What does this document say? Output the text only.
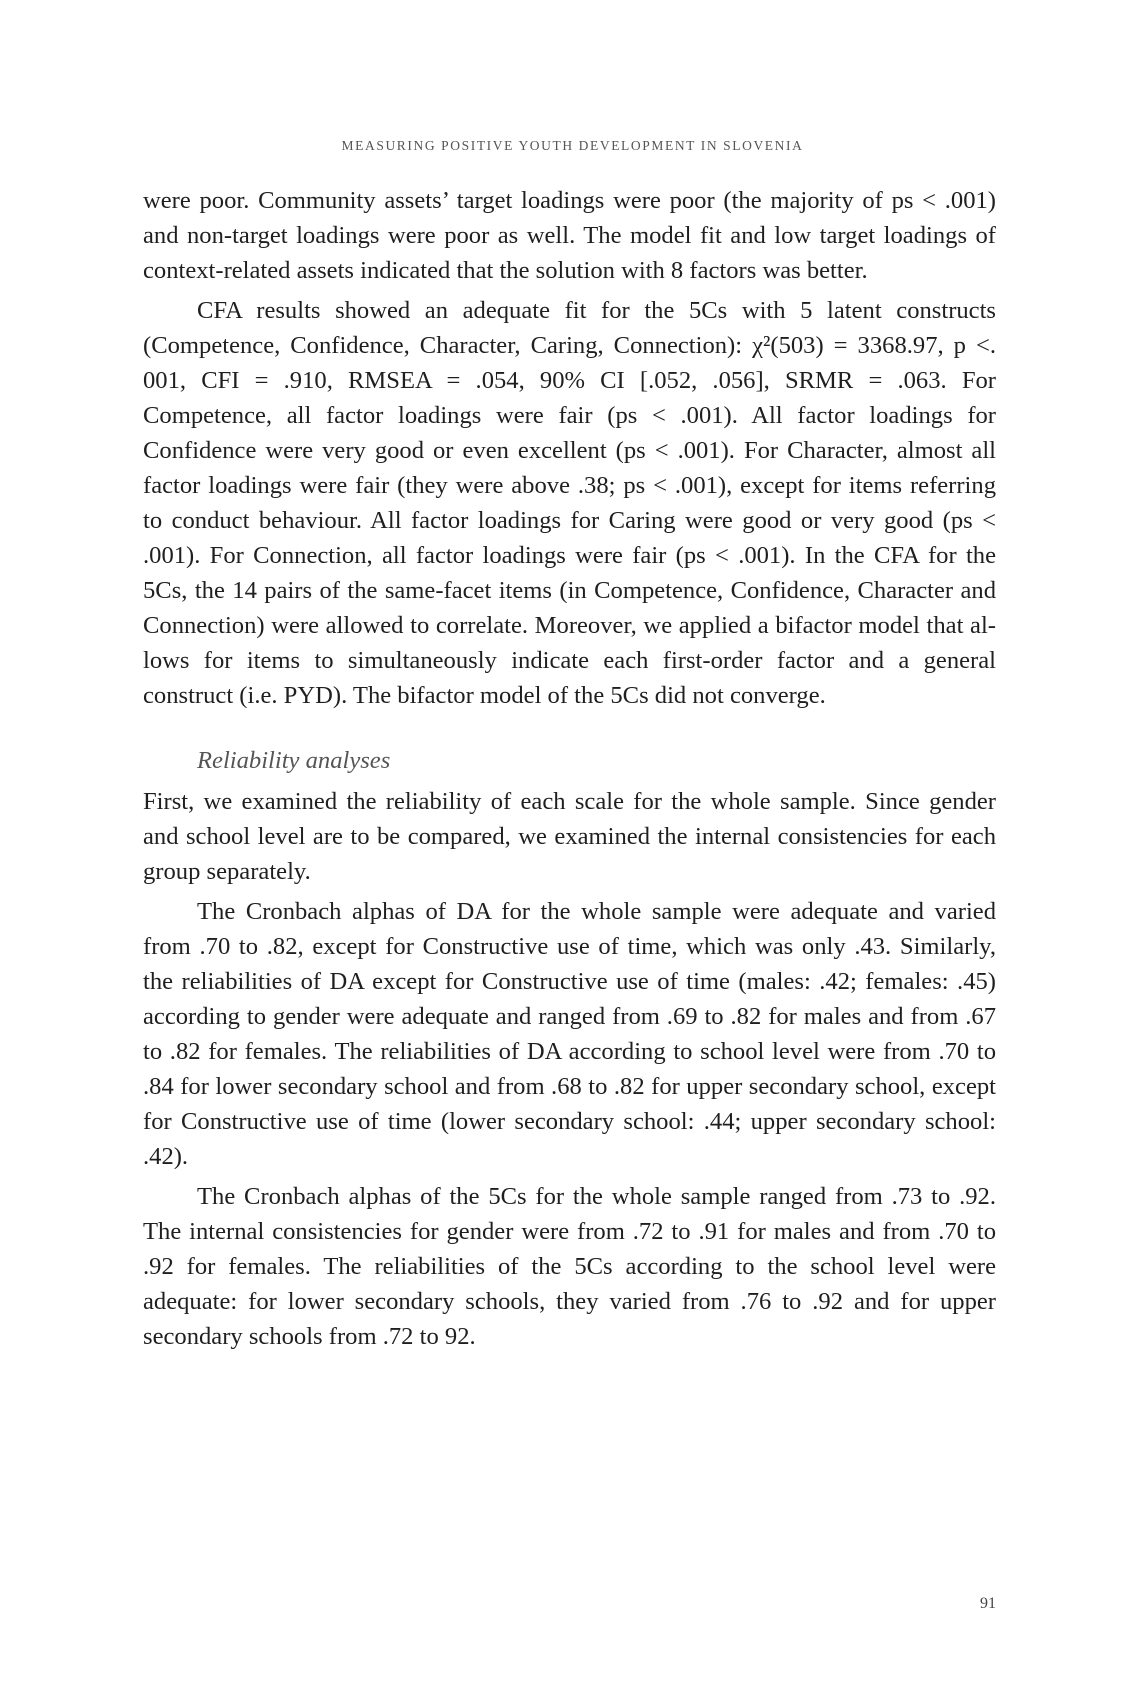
MEASURING POSITIVE YOUTH DEVELOPMENT IN SLOVENIA

were poor. Community assets’ target loadings were poor (the majority of ps < .001) and non-target loadings were poor as well. The model fit and low target loadings of context-related assets indicated that the solution with 8 factors was better.

CFA results showed an adequate fit for the 5Cs with 5 latent constructs (Competence, Confidence, Character, Caring, Connection): χ²(503) = 3368.97, p <. 001, CFI = .910, RMSEA = .054, 90% CI [.052, .056], SRMR = .063. For Competence, all factor loadings were fair (ps < .001). All factor loadings for Confidence were very good or even excellent (ps < .001). For Character, almost all factor loadings were fair (they were above .38; ps < .001), except for items referring to conduct behaviour. All factor loadings for Caring were good or very good (ps < .001). For Connection, all factor loadings were fair (ps < .001). In the CFA for the 5Cs, the 14 pairs of the same-facet items (in Competence, Confidence, Character and Connection) were allowed to correlate. Moreover, we applied a bifactor model that allows for items to simultaneously indicate each first-order factor and a general construct (i.e. PYD). The bifactor model of the 5Cs did not converge.

Reliability analyses

First, we examined the reliability of each scale for the whole sample. Since gender and school level are to be compared, we examined the internal consistencies for each group separately.

The Cronbach alphas of DA for the whole sample were adequate and varied from .70 to .82, except for Constructive use of time, which was only .43. Similarly, the reliabilities of DA except for Constructive use of time (males: .42; females: .45) according to gender were adequate and ranged from .69 to .82 for males and from .67 to .82 for females. The reliabilities of DA according to school level were from .70 to .84 for lower secondary school and from .68 to .82 for upper secondary school, except for Constructive use of time (lower secondary school: .44; upper secondary school: .42).

The Cronbach alphas of the 5Cs for the whole sample ranged from .73 to .92. The internal consistencies for gender were from .72 to .91 for males and from .70 to .92 for females. The reliabilities of the 5Cs according to the school level were adequate: for lower secondary schools, they varied from .76 to .92 and for upper secondary schools from .72 to 92.

91
